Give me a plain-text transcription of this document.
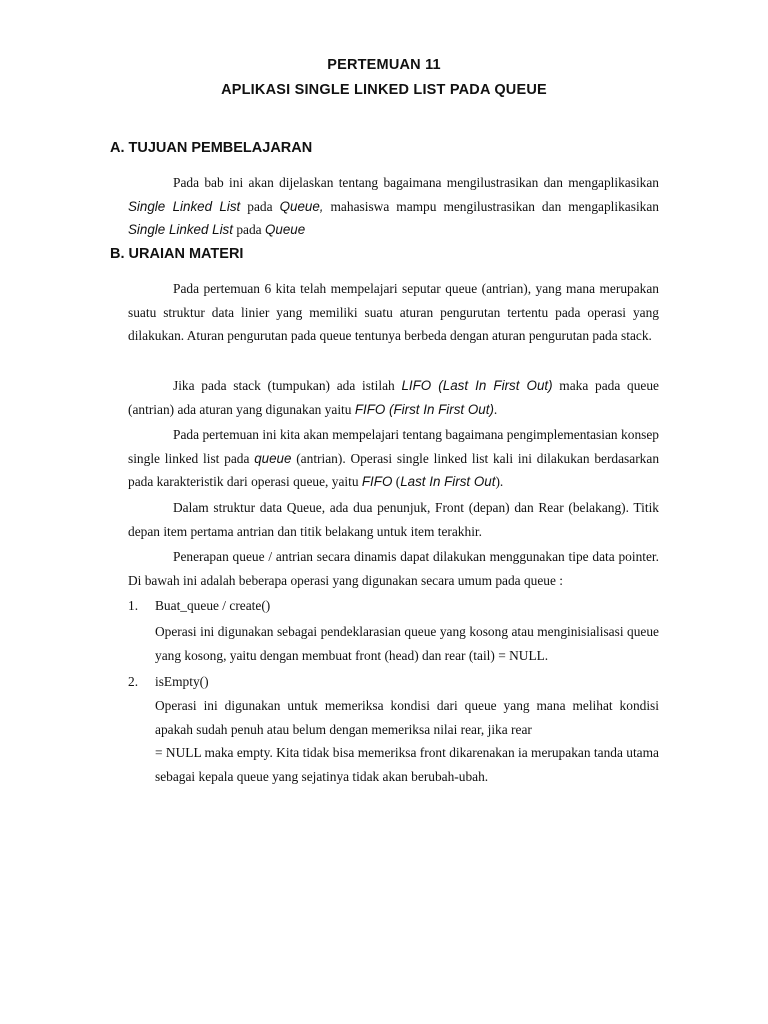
PERTEMUAN 11
APLIKASI SINGLE LINKED LIST PADA QUEUE
A. TUJUAN PEMBELAJARAN

Pada bab ini akan dijelaskan tentang bagaimana mengilustrasikan dan mengaplikasikan Single Linked List pada Queue, mahasiswa mampu mengilustrasikan dan mengaplikasikan Single Linked List pada Queue

B. URAIAN MATERI

Pada pertemuan 6 kita telah mempelajari seputar queue (antrian), yang mana merupakan suatu struktur data linier yang memiliki suatu aturan pengurutan tertentu pada operasi yang dilakukan. Aturan pengurutan pada queue tentunya berbeda dengan aturan pengurutan pada stack.

Jika pada stack (tumpukan) ada istilah LIFO (Last In First Out) maka pada queue (antrian) ada aturan yang digunakan yaitu FIFO (First In First Out).

Pada pertemuan ini kita akan mempelajari tentang bagaimana pengimplementasian konsep single linked list pada queue (antrian). Operasi single linked list kali ini dilakukan berdasarkan pada karakteristik dari operasi queue, yaitu FIFO (Last In First Out).

Dalam struktur data Queue, ada dua penunjuk, Front (depan) dan Rear (belakang). Titik depan item pertama antrian dan titik belakang untuk item terakhir.

Penerapan queue / antrian secara dinamis dapat dilakukan menggunakan tipe data pointer. Di bawah ini adalah beberapa operasi yang digunakan secara umum pada queue :

1. Buat_queue / create()

Operasi ini digunakan sebagai pendeklarasian queue yang kosong atau menginisialisasi queue yang kosong, yaitu dengan membuat front (head) dan rear (tail) = NULL.

2. isEmpty()

Operasi ini digunakan untuk memeriksa kondisi dari queue yang mana melihat kondisi apakah sudah penuh atau belum dengan memeriksa nilai rear, jika rear

= NULL maka empty. Kita tidak bisa memeriksa front dikarenakan ia merupakan tanda utama sebagai kepala queue yang sejatinya tidak akan berubah-ubah.
